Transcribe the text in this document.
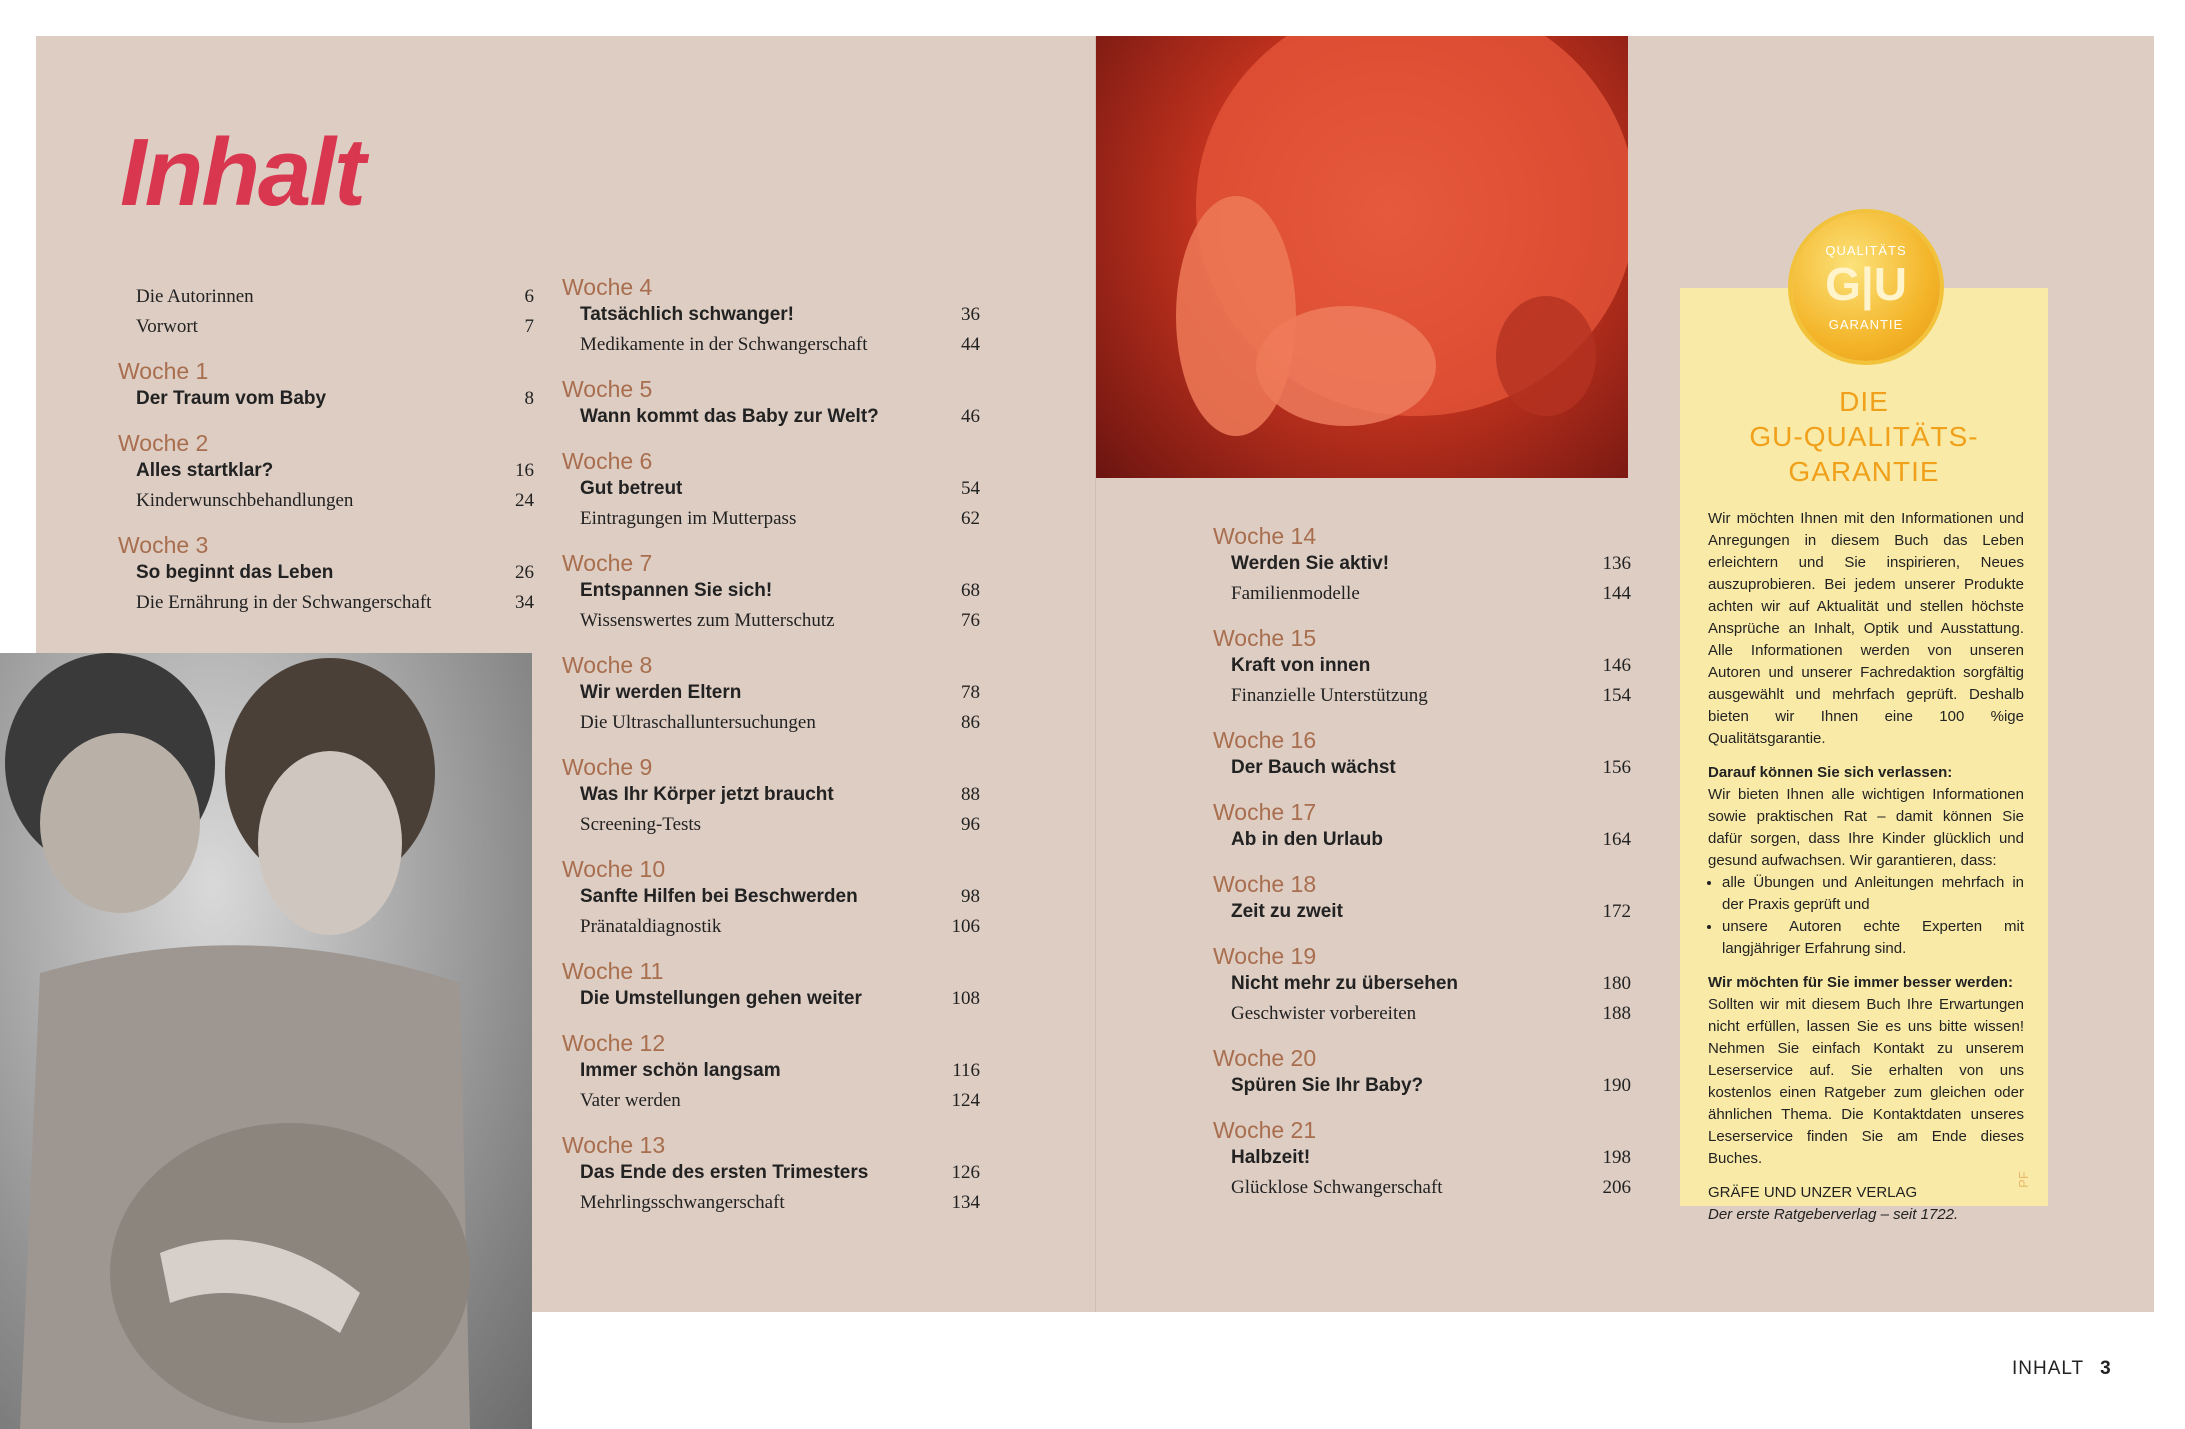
Inhalt
Die Autorinnen	6
Vorwort	7
Woche 1
Der Traum vom Baby	8
Woche 2
Alles startklar?	16
Kinderwunschbehandlungen	24
Woche 3
So beginnt das Leben	26
Die Ernährung in der Schwangerschaft	34
Woche 4
Tatsächlich schwanger!	36
Medikamente in der Schwangerschaft	44
Woche 5
Wann kommt das Baby zur Welt?	46
Woche 6
Gut betreut	54
Eintragungen im Mutterpass	62
Woche 7
Entspannen Sie sich!	68
Wissenswertes zum Mutterschutz	76
Woche 8
Wir werden Eltern	78
Die Ultraschalluntersuchungen	86
Woche 9
Was Ihr Körper jetzt braucht	88
Screening-Tests	96
Woche 10
Sanfte Hilfen bei Beschwerden	98
Pränataldiagnostik	106
Woche 11
Die Umstellungen gehen weiter	108
Woche 12
Immer schön langsam	116
Vater werden	124
Woche 13
Das Ende des ersten Trimesters	126
Mehrlingsschwangerschaft	134
Woche 14
Werden Sie aktiv!	136
Familienmodelle	144
Woche 15
Kraft von innen	146
Finanzielle Unterstützung	154
Woche 16
Der Bauch wächst	156
Woche 17
Ab in den Urlaub	164
Woche 18
Zeit zu zweit	172
Woche 19
Nicht mehr zu übersehen	180
Geschwister vorbereiten	188
Woche 20
Spüren Sie Ihr Baby?	190
Woche 21
Halbzeit!	198
Glücklose Schwangerschaft	206
QUALITÄTS
G|U
GARANTIE
DIE
GU-QUALITÄTS-
GARANTIE

Wir möchten Ihnen mit den Informationen und Anregungen in diesem Buch das Leben erleichtern und Sie inspirieren, Neues auszuprobieren. Bei jedem unserer Produkte achten wir auf Aktualität und stellen höchste Ansprüche an Inhalt, Optik und Ausstattung. Alle Informationen werden von unseren Autoren und unserer Fachredaktion sorgfältig ausgewählt und mehrfach geprüft. Deshalb bieten wir Ihnen eine 100 %ige Qualitätsgarantie.

Darauf können Sie sich verlassen:

Wir bieten Ihnen alle wichtigen Informationen sowie praktischen Rat – damit können Sie dafür sorgen, dass Ihre Kinder glücklich und gesund aufwachsen. Wir garantieren, dass:

• alle Übungen und Anleitungen mehrfach in der Praxis geprüft und
• unsere Autoren echte Experten mit langjähriger Erfahrung sind.

Wir möchten für Sie immer besser werden:

Sollten wir mit diesem Buch Ihre Erwartungen nicht erfüllen, lassen Sie es uns bitte wissen! Nehmen Sie einfach Kontakt zu unserem Leserservice auf. Sie erhalten von uns kostenlos einen Ratgeber zum gleichen oder ähnlichen Thema. Die Kontaktdaten unseres Leserservice finden Sie am Ende dieses Buches.

GRÄFE UND UNZER VERLAG

Der erste Ratgeberverlag – seit 1722.

PF
INHALT 3
